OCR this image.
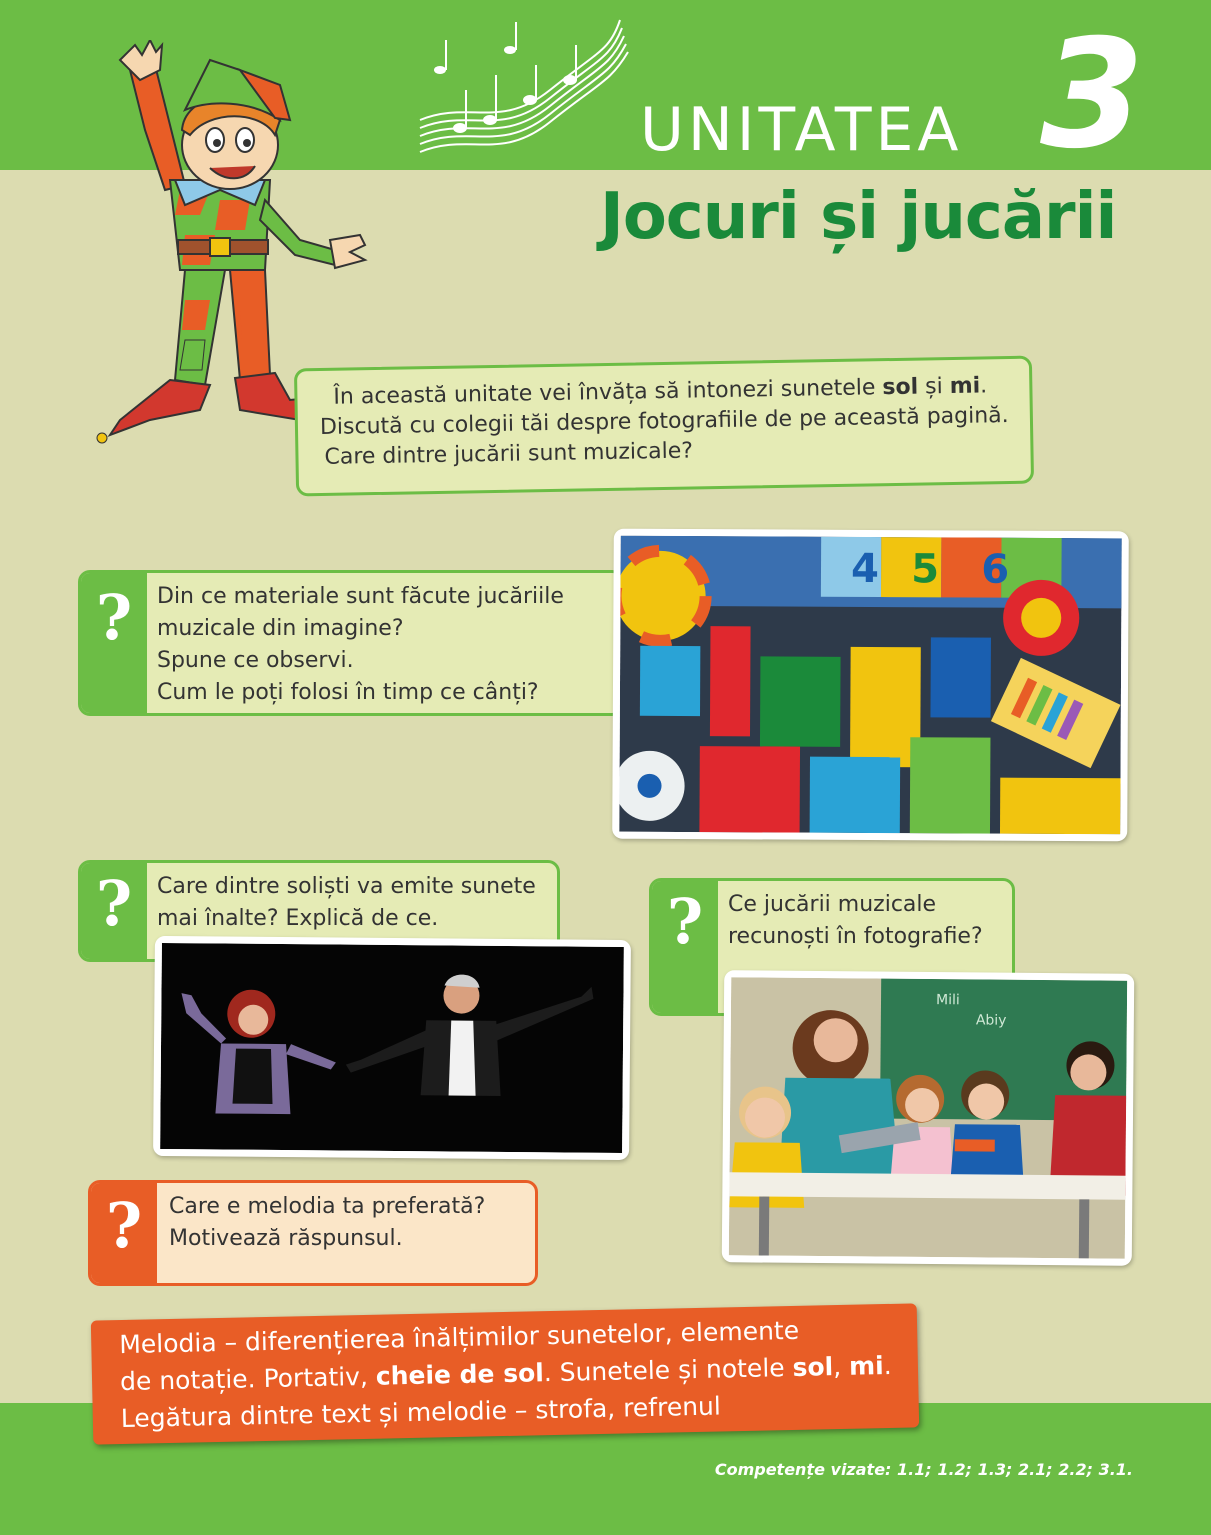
UNITATEA 3
Jocuri și jucării

În această unitate vei învăța să intonezi sunetele sol și mi.

Discută cu colegii tăi despre fotografiile de pe această pagină.

Care dintre jucării sunt muzicale?

?	Din ce materiale sunt făcute jucăriile
muzicale din imagine?
Spune ce observi.
Cum le poți folosi în timp ce cânți?
4 5 6
?	Care dintre soliști va emite sunete
mai înalte? Explică de ce.	?	Ce jucării muzicale
recunoști în fotografie?
Mili
Abiy
?	Care e melodia ta preferată?
Motivează răspunsul.

Melodia – diferențierea înălțimilor sunetelor, elemente
de notație. Portativ, cheie de sol. Sunetele și notele sol, mi.
Legătura dintre text și melodie – strofa, refrenul

Competențe vizate: 1.1; 1.2; 1.3; 2.1; 2.2; 3.1.
